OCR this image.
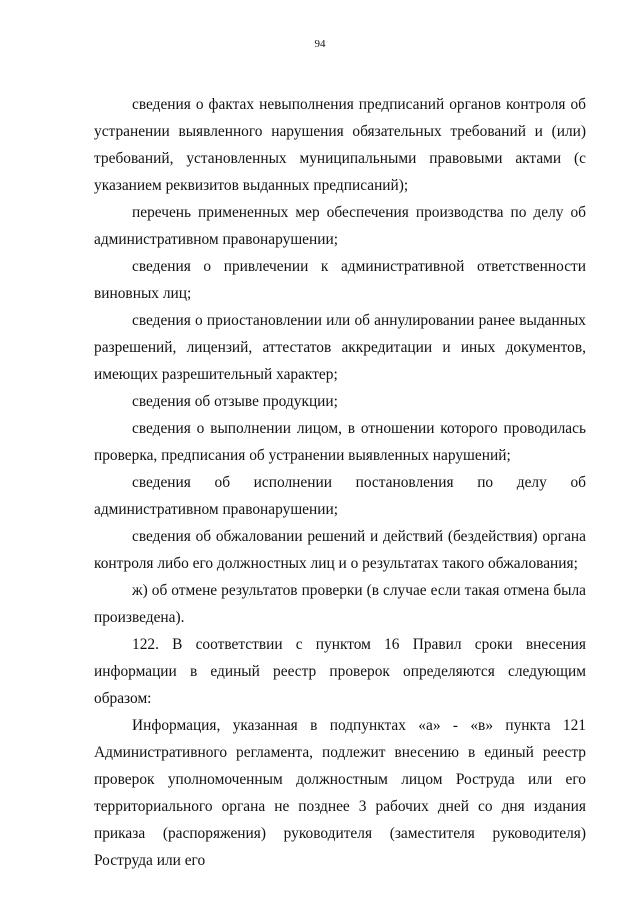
94

сведения о фактах невыполнения предписаний органов контроля об устранении выявленного нарушения обязательных требований и (или) требований, установленных муниципальными правовыми актами (с указанием реквизитов выданных предписаний);

перечень примененных мер обеспечения производства по делу об административном правонарушении;

сведения о привлечении к административной ответственности виновных лиц;

сведения о приостановлении или об аннулировании ранее выданных разрешений, лицензий, аттестатов аккредитации и иных документов, имеющих разрешительный характер;

сведения об отзыве продукции;

сведения о выполнении лицом, в отношении которого проводилась проверка, предписания об устранении выявленных нарушений;

сведения об исполнении постановления по делу об административном правонарушении;

сведения об обжаловании решений и действий (бездействия) органа контроля либо его должностных лиц и о результатах такого обжалования;

ж) об отмене результатов проверки (в случае если такая отмена была произведена).

122. В соответствии с пунктом 16 Правил сроки внесения информации в единый реестр проверок определяются следующим образом:

Информация, указанная в подпунктах «а» - «в» пункта 121 Административного регламента, подлежит внесению в единый реестр проверок уполномоченным должностным лицом Роструда или его территориального органа не позднее 3 рабочих дней со дня издания приказа (распоряжения) руководителя (заместителя руководителя) Роструда или его
